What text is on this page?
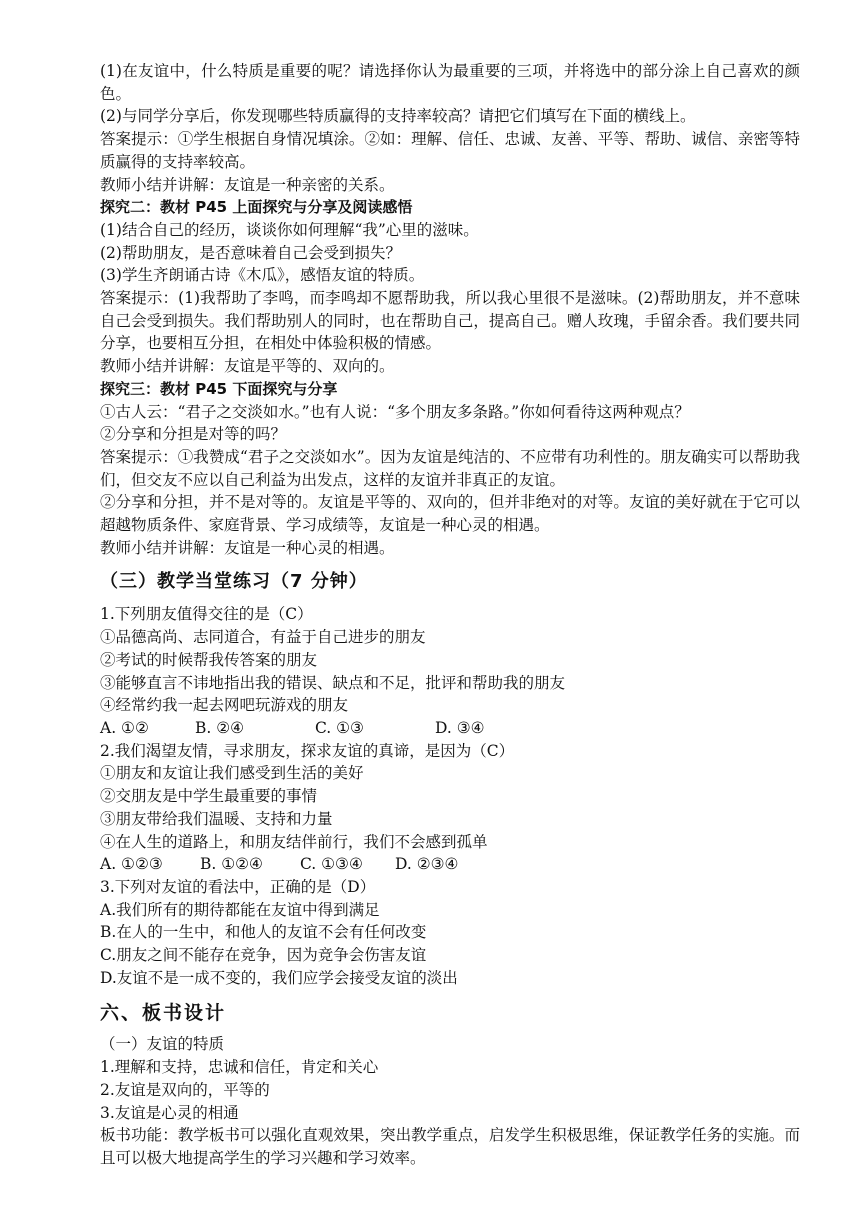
(1)在友谊中，什么特质是重要的呢？请选择你认为最重要的三项，并将选中的部分涂上自己喜欢的颜色。
(2)与同学分享后，你发现哪些特质赢得的支持率较高？请把它们填写在下面的横线上。
答案提示：①学生根据自身情况填涂。②如：理解、信任、忠诚、友善、平等、帮助、诚信、亲密等特质赢得的支持率较高。
教师小结并讲解：友谊是一种亲密的关系。
探究二：教材 P45 上面探究与分享及阅读感悟
(1)结合自己的经历，谈谈你如何理解“我”心里的滋味。
(2)帮助朋友，是否意味着自己会受到损失？
(3)学生齐朗诵古诗《木瓜》，感悟友谊的特质。
答案提示：(1)我帮助了李鸣，而李鸣却不愿帮助我，所以我心里很不是滋味。(2)帮助朋友，并不意味自己会受到损失。我们帮助别人的同时，也在帮助自己，提高自己。赠人玫瑰，手留余香。我们要共同分享，也要相互分担，在相处中体验积极的情感。
教师小结并讲解：友谊是平等的、双向的。
探究三：教材 P45 下面探究与分享
①古人云：“君子之交淡如水。”也有人说：“多个朋友多条路。”你如何看待这两种观点？
②分享和分担是对等的吗？
答案提示：①我赞成“君子之交淡如水”。因为友谊是纯洁的、不应带有功利性的。朋友确实可以帮助我们，但交友不应以自己利益为出发点，这样的友谊并非真正的友谊。
②分享和分担，并不是对等的。友谊是平等的、双向的，但并非绝对的对等。友谊的美好就在于它可以超越物质条件、家庭背景、学习成绩等，友谊是一种心灵的相遇。
教师小结并讲解：友谊是一种心灵的相遇。
（三）教学当堂练习（7 分钟）
1.下列朋友值得交往的是（C）
①品德高尚、志同道合，有益于自己进步的朋友
②考试的时候帮我传答案的朋友
③能够直言不讳地指出我的错误、缺点和不足，批评和帮助我的朋友
④经常约我一起去网吧玩游戏的朋友
A. ①②	B. ②④	C. ①③	D. ③④
2.我们渴望友情，寻求朋友，探求友谊的真谛，是因为（C）
①朋友和友谊让我们感受到生活的美好
②交朋友是中学生最重要的事情
③朋友带给我们温暖、支持和力量
④在人生的道路上，和朋友结伴前行，我们不会感到孤单
A. ①②③ B. ①②④ C. ①③④ D. ②③④
3.下列对友谊的看法中，正确的是（D）
A.我们所有的期待都能在友谊中得到满足
B.在人的一生中，和他人的友谊不会有任何改变
C.朋友之间不能存在竞争，因为竞争会伤害友谊
D.友谊不是一成不变的，我们应学会接受友谊的淡出
六、板书设计
（一）友谊的特质
1.理解和支持，忠诚和信任，肯定和关心
2.友谊是双向的，平等的
3.友谊是心灵的相通
板书功能：教学板书可以强化直观效果，突出教学重点，启发学生积极思维，保证教学任务的实施。而且可以极大地提高学生的学习兴趣和学习效率。
